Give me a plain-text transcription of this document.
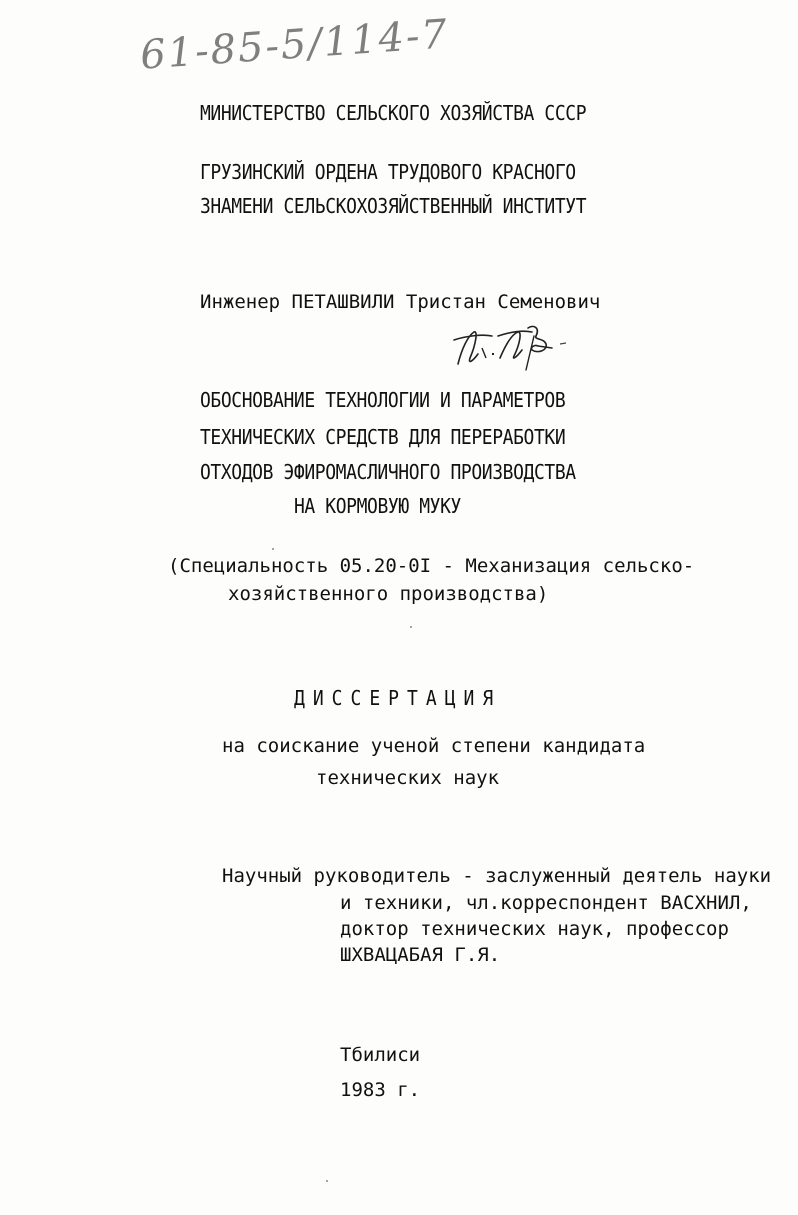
61-85-5/114-7
МИНИСТЕРСТВО СЕЛЬСКОГО ХОЗЯЙСТВА СССР
ГРУЗИНСКИЙ ОРДЕНА ТРУДОВОГО КРАСНОГО
ЗНАМЕНИ СЕЛЬСКОХОЗЯЙСТВЕННЫЙ ИНСТИТУТ
Инженер ПЕТАШВИЛИ Тристан Семенович
ОБОСНОВАНИЕ ТЕХНОЛОГИИ И ПАРАМЕТРОВ
ТЕХНИЧЕСКИХ СРЕДСТВ ДЛЯ ПЕРЕРАБОТКИ
ОТХОДОВ ЭФИРОМАСЛИЧНОГО ПРОИЗВОДСТВА
НА КОРМОВУЮ МУКУ
(Специальность 05.20-0I - Механизация сельско-
хозяйственного производства)
ДИССЕРТАЦИЯ
на соискание ученой степени кандидата
технических наук
Научный руководитель - заслуженный деятель науки
и техники, чл.корреспондент ВАСХНИЛ,
доктор технических наук, профессор
ШХВАЦАБАЯ Г.Я.
Тбилиси
1983 г.
